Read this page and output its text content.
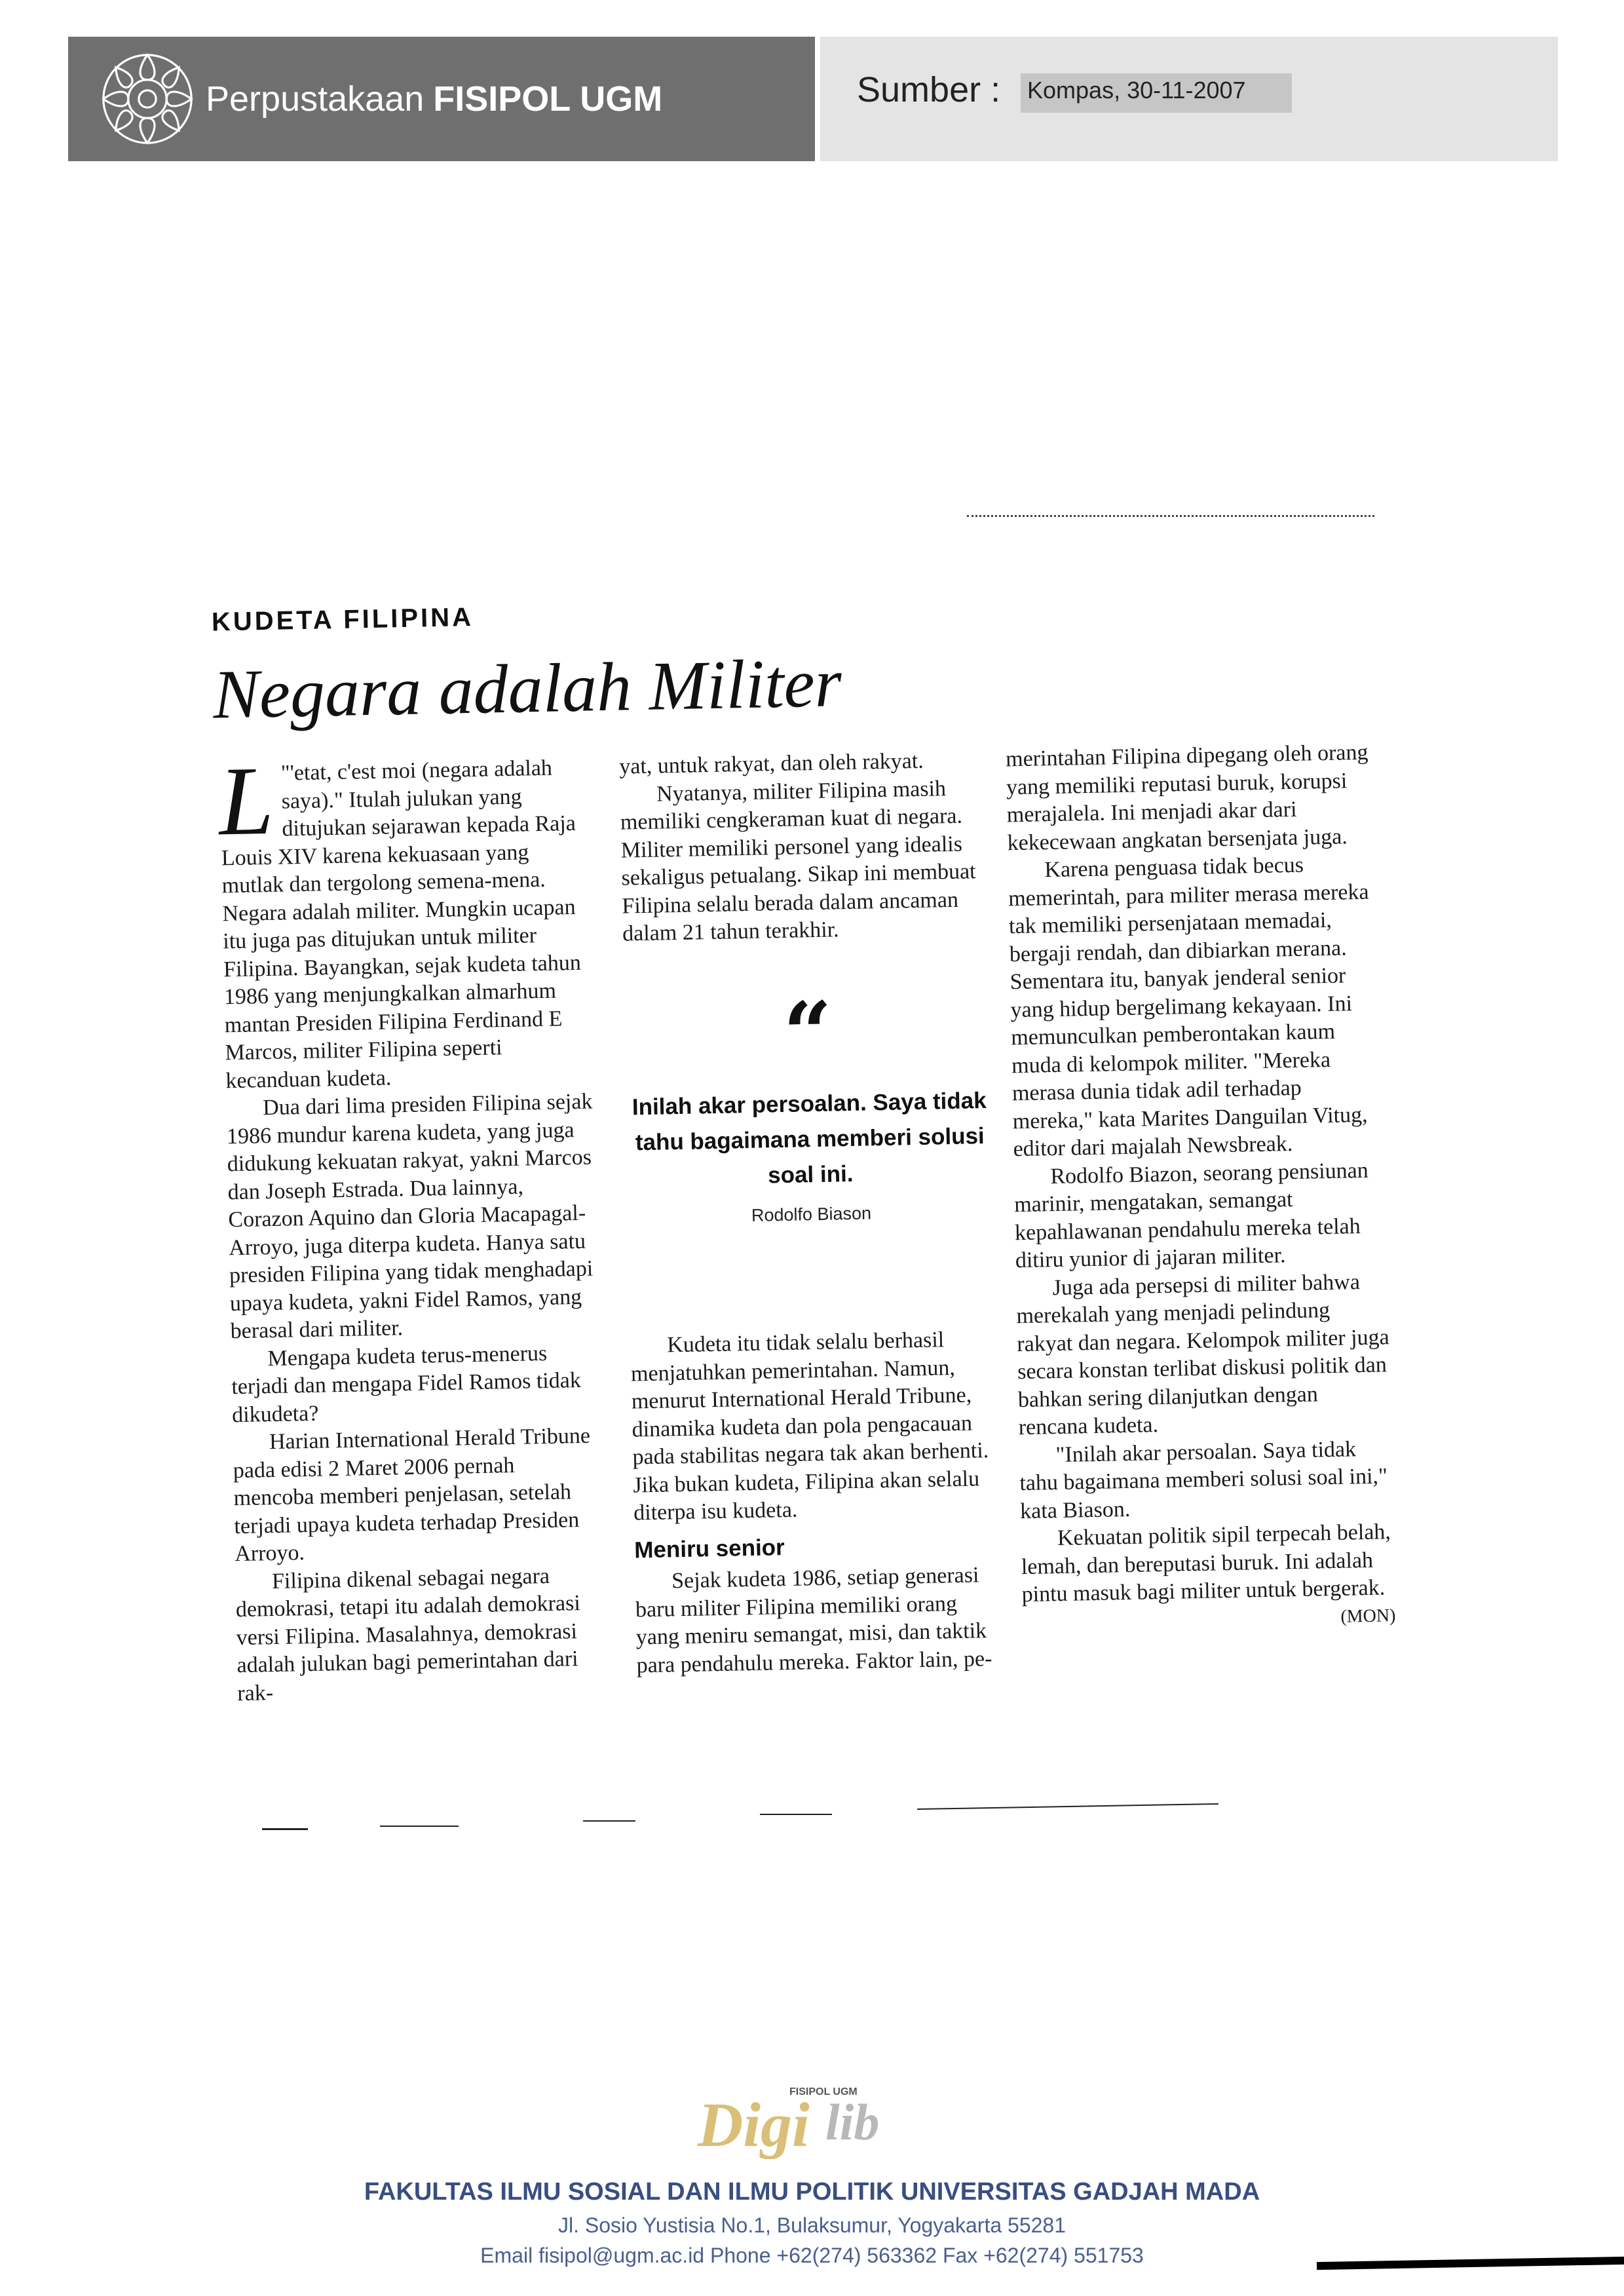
Perpustakaan FISIPOL UGM	Sumber : Kompas, 30-11-2007
KUDETA FILIPINA
Negara adalah Militer
L "'etat, c'est moi (negara adalah saya)." Itulah julukan yang ditujukan sejarawan kepada Raja Louis XIV karena kekuasaan yang mutlak dan tergolong semena-mena. Negara adalah militer. Mungkin ucapan itu juga pas ditujukan untuk militer Filipina. Bayangkan, sejak kudeta tahun 1986 yang menjungkalkan almarhum mantan Presiden Filipina Ferdinand E Marcos, militer Filipina seperti kecanduan kudeta.

Dua dari lima presiden Filipina sejak 1986 mundur karena kudeta, yang juga didukung kekuatan rakyat, yakni Marcos dan Joseph Estrada. Dua lainnya, Corazon Aquino dan Gloria Macapagal-Arroyo, juga diterpa kudeta. Hanya satu presiden Filipina yang tidak menghadapi upaya kudeta, yakni Fidel Ramos, yang berasal dari militer.

Mengapa kudeta terus-menerus terjadi dan mengapa Fidel Ramos tidak dikudeta?

Harian International Herald Tribune pada edisi 2 Maret 2006 pernah mencoba memberi penjelasan, setelah terjadi upaya kudeta terhadap Presiden Arroyo.

Filipina dikenal sebagai negara demokrasi, tetapi itu adalah demokrasi versi Filipina. Masalahnya, demokrasi adalah julukan bagi pemerintahan dari rak-

yat, untuk rakyat, dan oleh rakyat.

Nyatanya, militer Filipina masih memiliki cengkeraman kuat di negara. Militer memiliki personel yang idealis sekaligus petualang. Sikap ini membuat Filipina selalu berada dalam ancaman dalam 21 tahun terakhir.

“
Inilah akar persoalan. Saya tidak tahu bagaimana memberi solusi soal ini.
Rodolfo Biason

Kudeta itu tidak selalu berhasil menjatuhkan pemerintahan. Namun, menurut International Herald Tribune, dinamika kudeta dan pola pengacauan pada stabilitas negara tak akan berhenti. Jika bukan kudeta, Filipina akan selalu diterpa isu kudeta.

Meniru senior

Sejak kudeta 1986, setiap generasi baru militer Filipina memiliki orang yang meniru semangat, misi, dan taktik para pendahulu mereka. Faktor lain, pe-

merintahan Filipina dipegang oleh orang yang memiliki reputasi buruk, korupsi merajalela. Ini menjadi akar dari kekecewaan angkatan bersenjata juga.

Karena penguasa tidak becus memerintah, para militer merasa mereka tak memiliki persenjataan memadai, bergaji rendah, dan dibiarkan merana. Sementara itu, banyak jenderal senior yang hidup bergelimang kekayaan. Ini memunculkan pemberontakan kaum muda di kelompok militer. "Mereka merasa dunia tidak adil terhadap mereka," kata Marites Danguilan Vitug, editor dari majalah Newsbreak.

Rodolfo Biazon, seorang pensiunan marinir, mengatakan, semangat kepahlawanan pendahulu mereka telah ditiru yunior di jajaran militer.

Juga ada persepsi di militer bahwa merekalah yang menjadi pelindung rakyat dan negara. Kelompok militer juga secara konstan terlibat diskusi politik dan bahkan sering dilanjutkan dengan rencana kudeta.

"Inilah akar persoalan. Saya tidak tahu bagaimana memberi solusi soal ini," kata Biason.

Kekuatan politik sipil terpecah belah, lemah, dan bereputasi buruk. Ini adalah pintu masuk bagi militer untuk bergerak.

(MON)
FISIPOL UGM
Digi lib
FAKULTAS ILMU SOSIAL DAN ILMU POLITIK UNIVERSITAS GADJAH MADA
Jl. Sosio Yustisia No.1, Bulaksumur, Yogyakarta 55281
Email fisipol@ugm.ac.id Phone +62(274) 563362 Fax +62(274) 551753
